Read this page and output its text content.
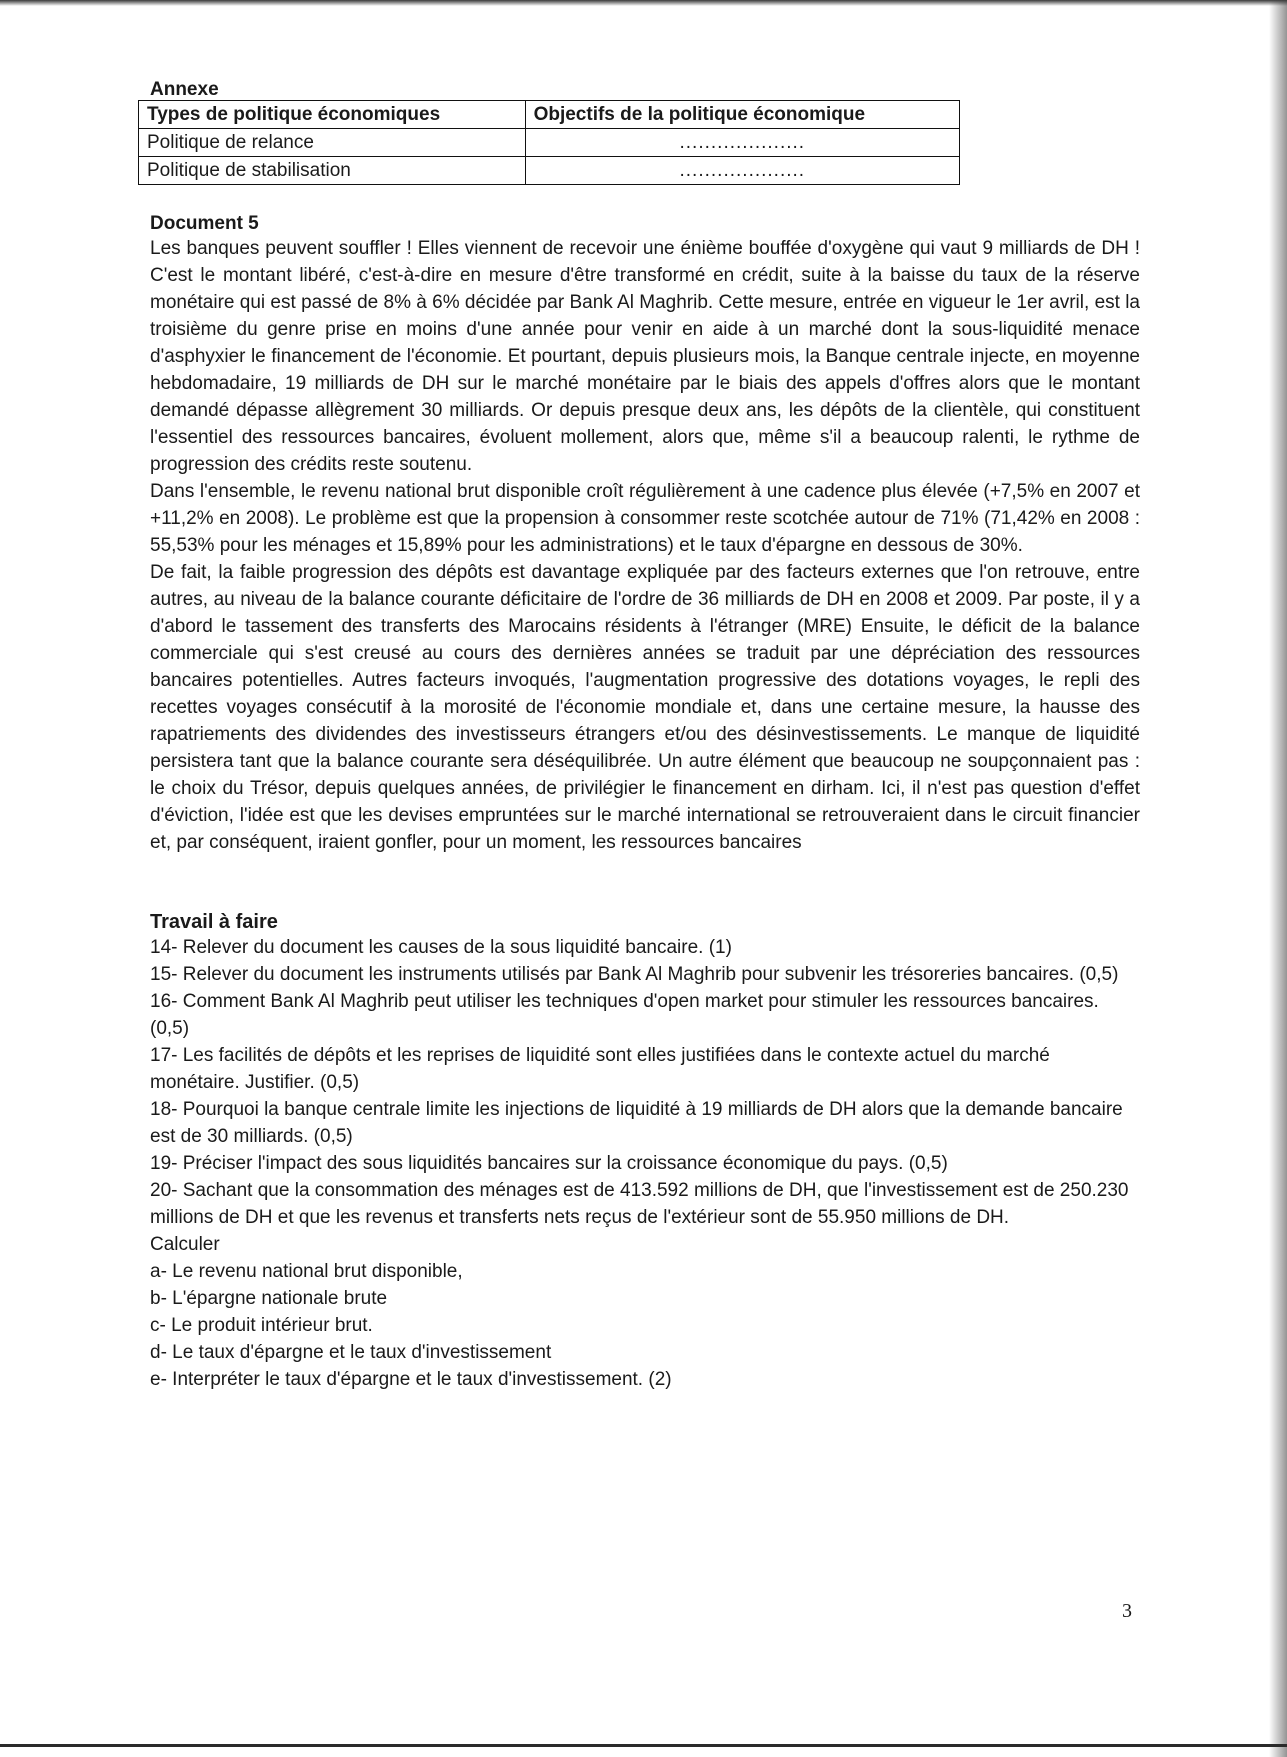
Annexe
Types de politique économiques	Objectifs de la politique économique
Politique de relance	....................
Politique de stabilisation	....................
Document 5

Les banques peuvent souffler ! Elles viennent de recevoir une énième bouffée d'oxygène qui vaut 9 milliards de DH ! C'est le montant libéré, c'est-à-dire en mesure d'être transformé en crédit, suite à la baisse du taux de la réserve monétaire qui est passé de 8% à 6% décidée par Bank Al Maghrib. Cette mesure, entrée en vigueur le 1er avril, est la troisième du genre prise en moins d'une année pour venir en aide à un marché dont la sous-liquidité menace d'asphyxier le financement de l'économie. Et pourtant, depuis plusieurs mois, la Banque centrale injecte, en moyenne hebdomadaire, 19 milliards de DH sur le marché monétaire par le biais des appels d'offres alors que le montant demandé dépasse allègrement 30 milliards. Or depuis presque deux ans, les dépôts de la clientèle, qui constituent l'essentiel des ressources bancaires, évoluent mollement, alors que, même s'il a beaucoup ralenti, le rythme de progression des crédits reste soutenu.

Dans l'ensemble, le revenu national brut disponible croît régulièrement à une cadence plus élevée (+7,5% en 2007 et +11,2% en 2008). Le problème est que la propension à consommer reste scotchée autour de 71% (71,42% en 2008 : 55,53% pour les ménages et 15,89% pour les administrations) et le taux d'épargne en dessous de 30%.

De fait, la faible progression des dépôts est davantage expliquée par des facteurs externes que l'on retrouve, entre autres, au niveau de la balance courante déficitaire de l'ordre de 36 milliards de DH en 2008 et 2009. Par poste, il y a d'abord le tassement des transferts des Marocains résidents à l'étranger (MRE) Ensuite, le déficit de la balance commerciale qui s'est creusé au cours des dernières années se traduit par une dépréciation des ressources bancaires potentielles. Autres facteurs invoqués, l'augmentation progressive des dotations voyages, le repli des recettes voyages consécutif à la morosité de l'économie mondiale et, dans une certaine mesure, la hausse des rapatriements des dividendes des investisseurs étrangers et/ou des désinvestissements. Le manque de liquidité persistera tant que la balance courante sera déséquilibrée. Un autre élément que beaucoup ne soupçonnaient pas : le choix du Trésor, depuis quelques années, de privilégier le financement en dirham. Ici, il n'est pas question d'effet d'éviction, l'idée est que les devises empruntées sur le marché international se retrouveraient dans le circuit financier et, par conséquent, iraient gonfler, pour un moment, les ressources bancaires

Travail à faire

14- Relever du document les causes de la sous liquidité bancaire. (1)

15- Relever du document les instruments utilisés par Bank Al Maghrib pour subvenir les trésoreries bancaires. (0,5)

16- Comment Bank Al Maghrib peut utiliser les techniques d'open market pour stimuler les ressources bancaires. (0,5)

17- Les facilités de dépôts et les reprises de liquidité sont elles justifiées dans le contexte actuel du marché monétaire. Justifier. (0,5)

18- Pourquoi la banque centrale limite les injections de liquidité à 19 milliards de DH alors que la demande bancaire est de 30 milliards. (0,5)

19- Préciser l'impact des sous liquidités bancaires sur la croissance économique du pays. (0,5)

20- Sachant que la consommation des ménages est de 413.592 millions de DH, que l'investissement est de 250.230 millions de DH et que les revenus et transferts nets reçus de l'extérieur sont de 55.950 millions de DH.

Calculer

a- Le revenu national brut disponible,

b- L'épargne nationale brute

c- Le produit intérieur brut.

d- Le taux d'épargne et le taux d'investissement

e- Interpréter le taux d'épargne et le taux d'investissement. (2)

3
